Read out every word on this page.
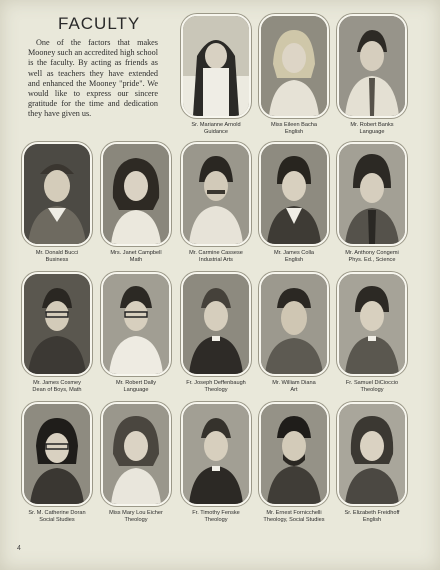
FACULTY
One of the factors that makes Mooney such an accredited high school is the faculty. By acting as friends as well as teachers they have extended and enhanced the Mooney "pride". We would like to express our sincere gratitude for the time and dedication they have given us.
Sr. Marianne Arnold
Guidance
Miss Eileen Bacha
English
Mr. Robert Banks
Language
Mr. Donald Bucci
Business
Mrs. Janet Campbell
Math
Mr. Carmine Cassese
Industrial Arts
Mr. James Colla
English
Mr. Anthony Congemi
Phys. Ed., Science
Mr. James Cosmey
Dean of Boys, Math
Mr. Robert Dally
Language
Fr. Joseph Deffenbaugh
Theology
Mr. William Diana
Art
Fr. Samuel DiCioccio
Theology
Sr. M. Catherine Doran
Social Studies
Miss Mary Lou Eicher
Theology
Fr. Timothy Fenske
Theology
Mr. Ernest Fornicchelli
Theology, Social Studies
Sr. Elizabeth Freidhoff
English
4
